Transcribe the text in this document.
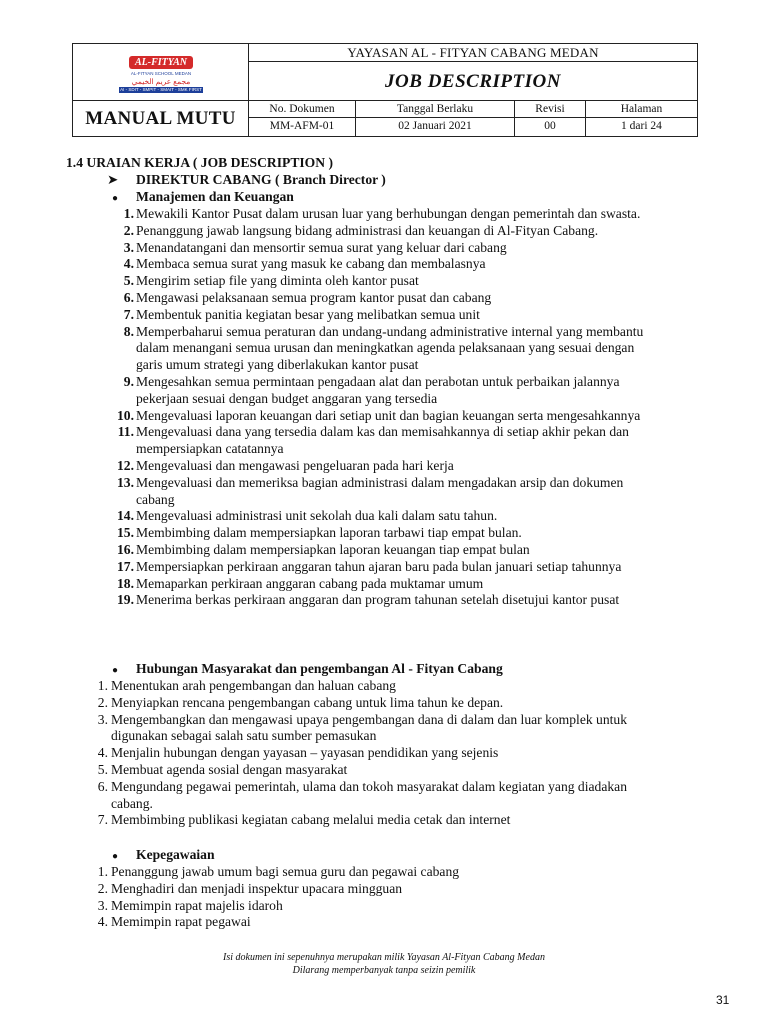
AL-FITYAN
AL-FITYAN SCHOOL MEDAN
مجمع عريم الخيمي
AI - SDIT - SMPIT - SMAIT - SMK FIRST
MANUAL MUTU
YAYASAN AL - FITYAN CABANG MEDAN
JOB DESCRIPTION
No. Dokumen	Tanggal Berlaku	Revisi	Halaman
MM-AFM-01	02 Januari 2021	00	1 dari 24
1.4 URAIAN KERJA ( JOB DESCRIPTION )
➤ DIREKTUR CABANG ( Branch Director )
● Manajemen dan Keuangan
1. Mewakili Kantor Pusat dalam urusan luar yang berhubungan dengan pemerintah dan swasta.
2. Penanggung jawab langsung bidang administrasi dan keuangan di Al-Fityan Cabang.
3. Menandatangani dan mensortir semua surat yang keluar dari cabang
4. Membaca semua surat yang masuk ke cabang dan membalasnya
5. Mengirim setiap file yang diminta oleh kantor pusat
6. Mengawasi pelaksanaan semua program kantor pusat dan cabang
7. Membentuk panitia kegiatan besar yang melibatkan semua unit
8. Memperbaharui semua peraturan dan undang-undang administrative internal yang membantu
dalam menangani semua urusan dan meningkatkan agenda pelaksanaan yang sesuai dengan
garis umum strategi yang diberlakukan kantor pusat
9. Mengesahkan semua permintaan pengadaan alat dan perabotan untuk perbaikan jalannya
pekerjaan sesuai dengan budget anggaran yang tersedia
10. Mengevaluasi laporan keuangan dari setiap unit dan bagian keuangan serta mengesahkannya
11. Mengevaluasi dana yang tersedia dalam kas dan memisahkannya di setiap akhir pekan dan
mempersiapkan catatannya
12. Mengevaluasi dan mengawasi pengeluaran pada hari kerja
13. Mengevaluasi dan memeriksa bagian administrasi dalam mengadakan arsip dan dokumen
cabang
14. Mengevaluasi administrasi unit sekolah dua kali dalam satu tahun.
15. Membimbing dalam mempersiapkan laporan tarbawi tiap empat bulan.
16. Membimbing dalam mempersiapkan laporan keuangan tiap empat bulan
17. Mempersiapkan perkiraan anggaran tahun ajaran baru pada bulan januari setiap tahunnya
18. Memaparkan perkiraan anggaran cabang pada muktamar umum
19. Menerima berkas perkiraan anggaran dan program tahunan setelah disetujui kantor pusat
● Hubungan Masyarakat dan pengembangan Al - Fityan Cabang
1. Menentukan arah pengembangan dan haluan cabang
2. Menyiapkan rencana pengembangan cabang untuk lima tahun ke depan.
3. Mengembangkan dan mengawasi upaya pengembangan dana di dalam dan luar komplek untuk
digunakan sebagai salah satu sumber pemasukan
4. Menjalin hubungan dengan yayasan – yayasan pendidikan yang sejenis
5. Membuat agenda sosial dengan masyarakat
6. Mengundang pegawai pemerintah, ulama dan tokoh masyarakat dalam kegiatan yang diadakan
cabang.
7. Membimbing publikasi kegiatan cabang melalui media cetak dan internet
● Kepegawaian
1. Penanggung jawab umum bagi semua guru dan pegawai cabang
2. Menghadiri dan menjadi inspektur upacara mingguan
3. Memimpin rapat majelis idaroh
4. Memimpin rapat pegawai
Isi dokumen ini sepenuhnya merupakan milik Yayasan Al-Fityan Cabang Medan
Dilarang memperbanyak tanpa seizin pemilik
31
